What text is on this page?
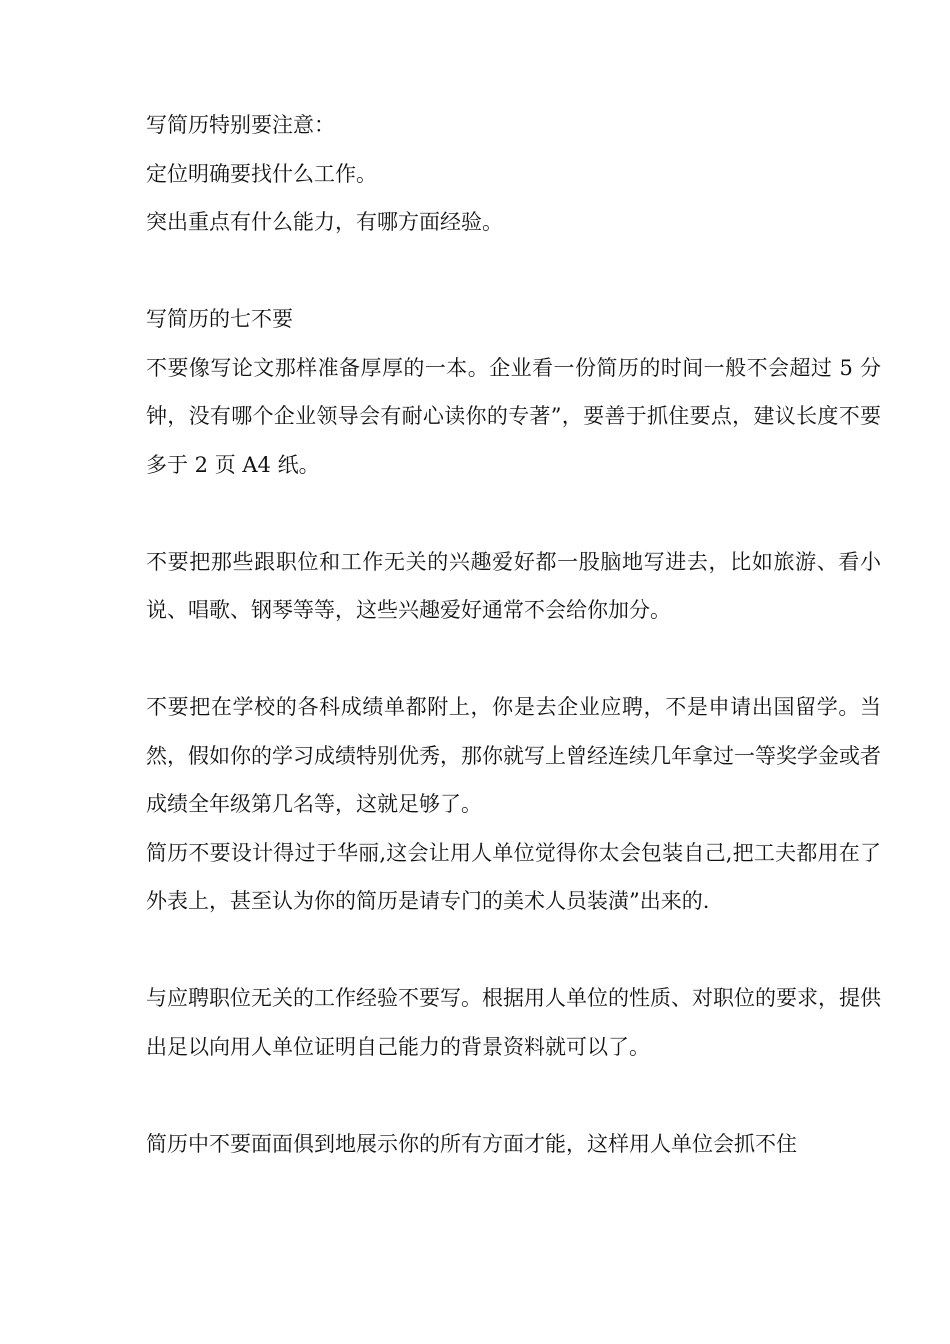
写简历特别要注意：

定位明确要找什么工作。

突出重点有什么能力，有哪方面经验。

写简历的七不要

不要像写论文那样准备厚厚的一本。企业看一份简历的时间一般不会超过 5 分钟，没有哪个企业领导会有耐心读你的专著”，要善于抓住要点，建议长度不要多于 2 页 A4 纸。

不要把那些跟职位和工作无关的兴趣爱好都一股脑地写进去，比如旅游、看小说、唱歌、钢琴等等，这些兴趣爱好通常不会给你加分。

不要把在学校的各科成绩单都附上，你是去企业应聘，不是申请出国留学。当然，假如你的学习成绩特别优秀，那你就写上曾经连续几年拿过一等奖学金或者成绩全年级第几名等，这就足够了。

简历不要设计得过于华丽,这会让用人单位觉得你太会包装自己,把工夫都用在了外表上，甚至认为你的简历是请专门的美术人员装潢”出来的.

与应聘职位无关的工作经验不要写。根据用人单位的性质、对职位的要求，提供出足以向用人单位证明自己能力的背景资料就可以了。

简历中不要面面俱到地展示你的所有方面才能，这样用人单位会抓不住
